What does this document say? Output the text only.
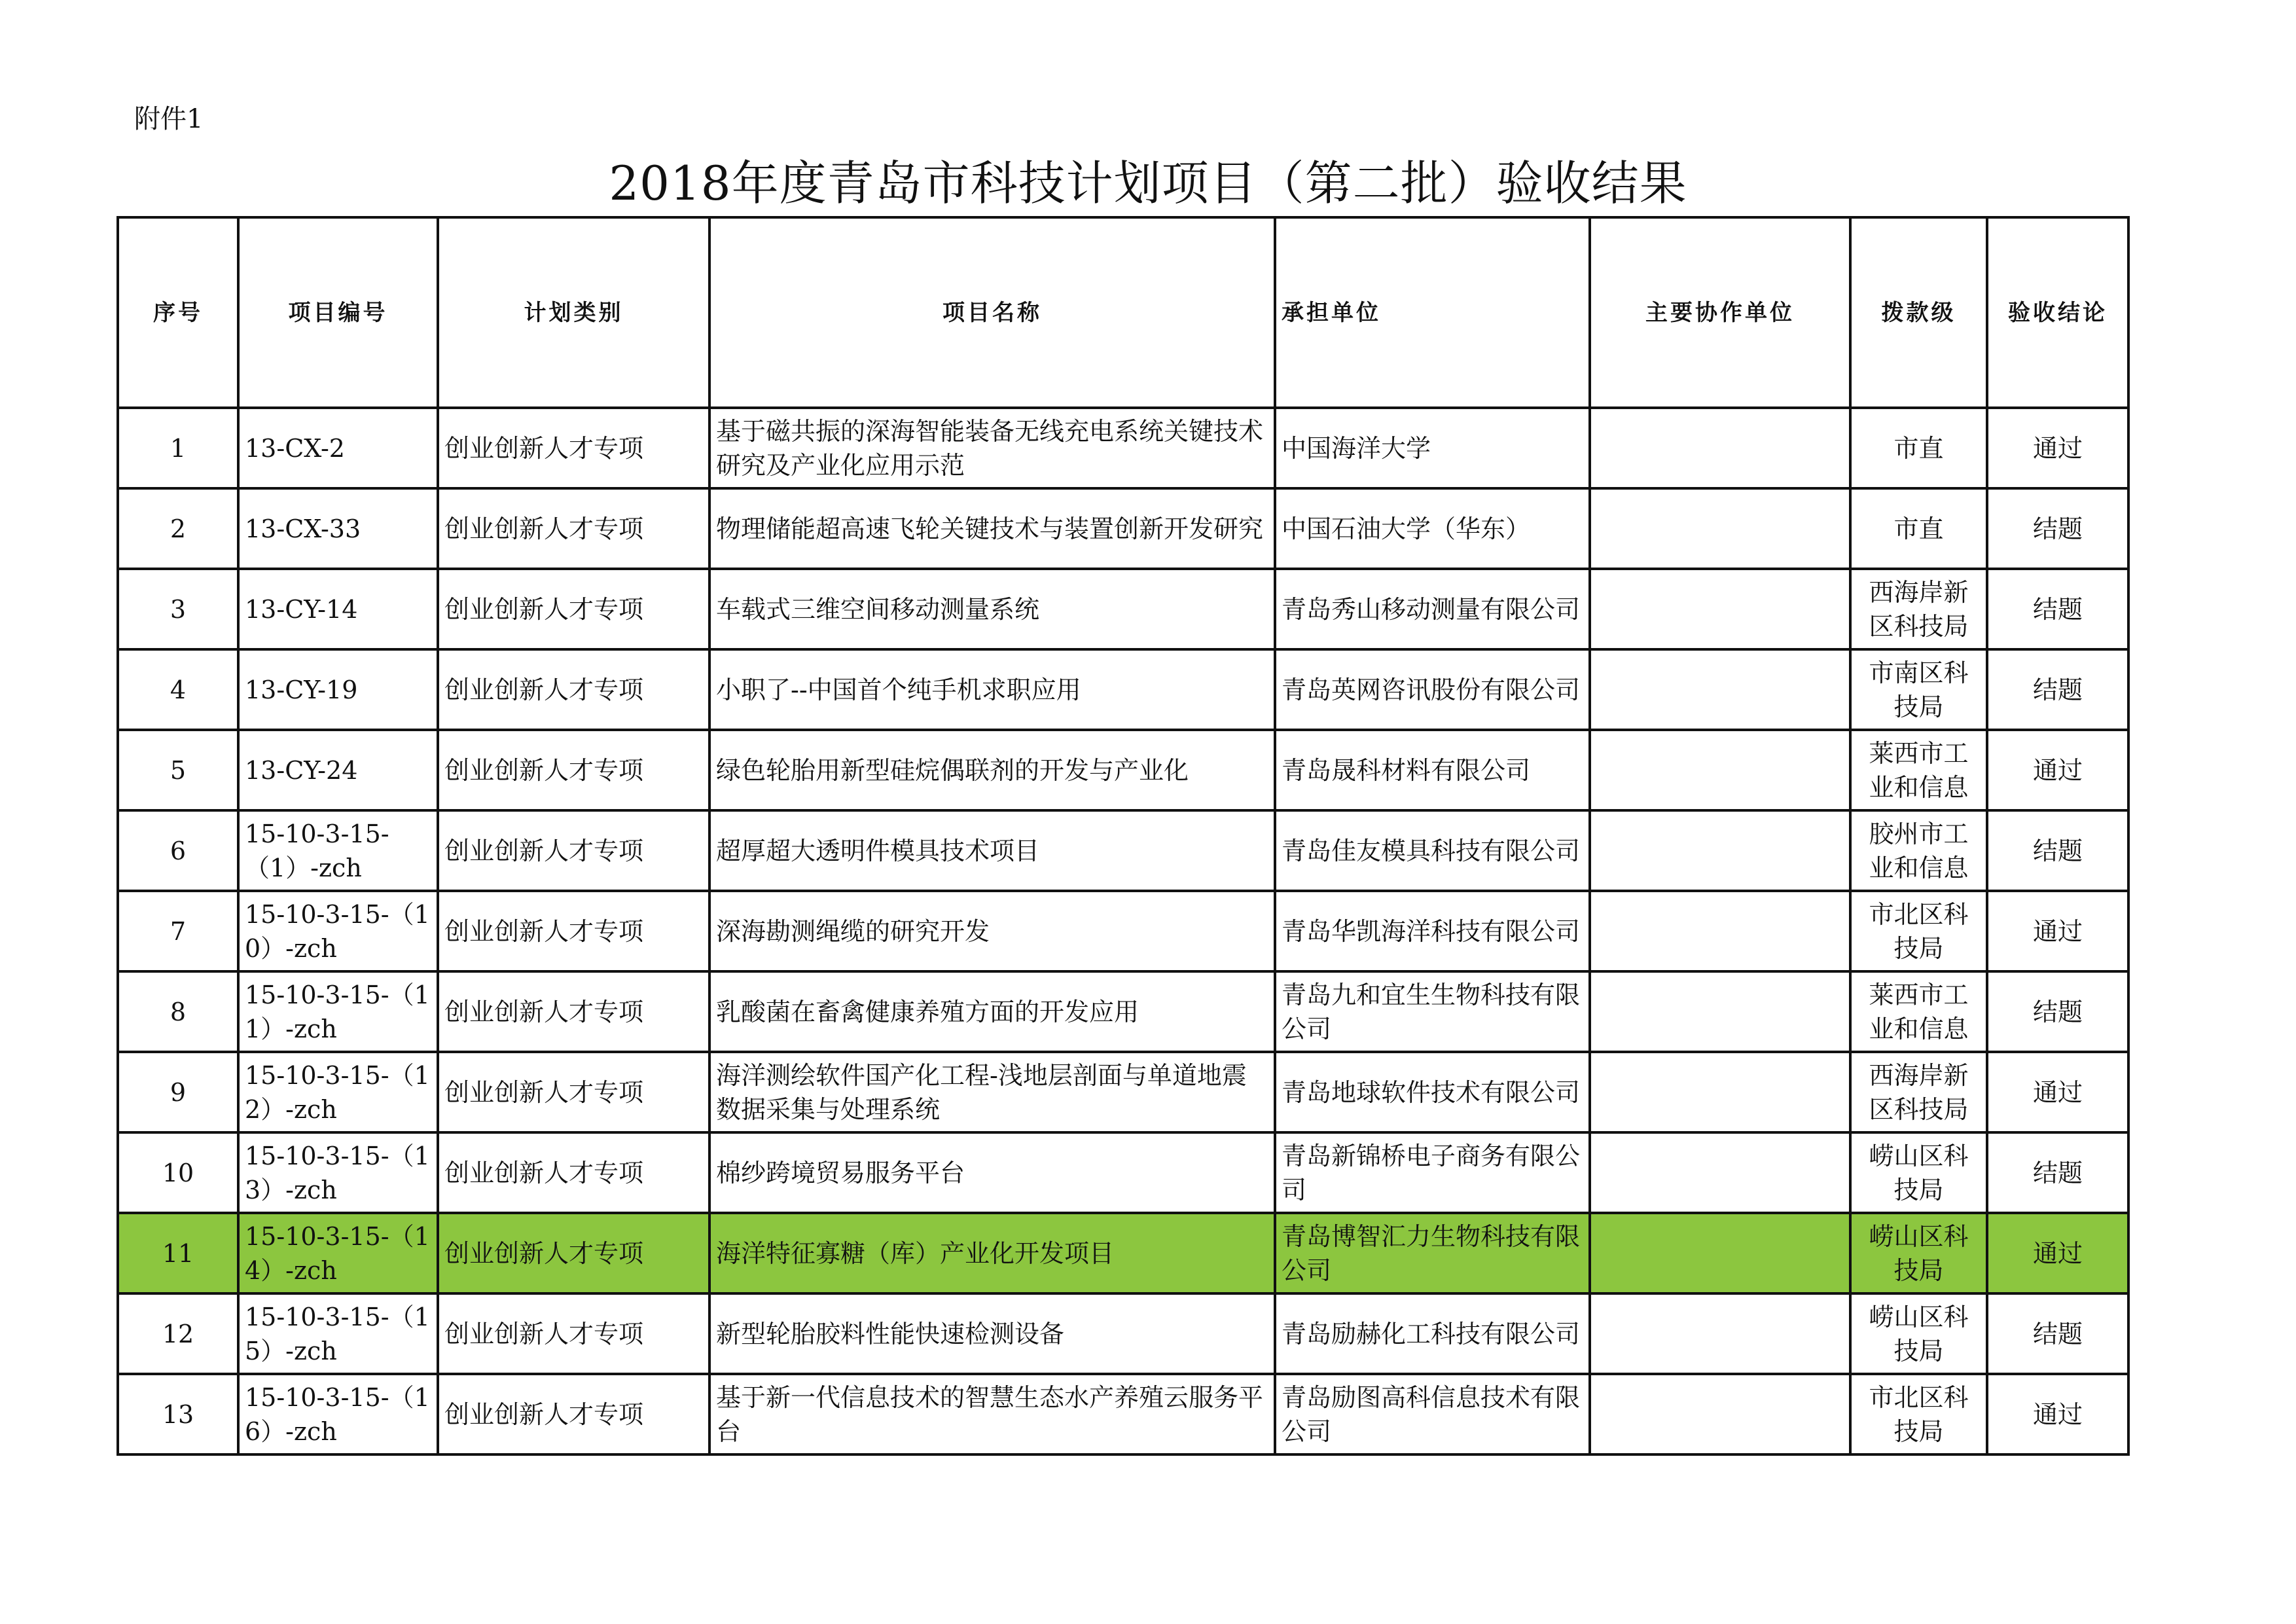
附件1
2018年度青岛市科技计划项目（第二批）验收结果
序号	项目编号	计划类别	项目名称	承担单位	主要协作单位	拨款级	验收结论

1	13-CX-2	创业创新人才专项	基于磁共振的深海智能装备无线充电系统关键技术研究及产业化应用示范	中国海洋大学		市直	通过

2	13-CX-33	创业创新人才专项	物理储能超高速飞轮关键技术与装置创新开发研究	中国石油大学（华东）		市直	结题

3	13-CY-14	创业创新人才专项	车载式三维空间移动测量系统	青岛秀山移动测量有限公司		西海岸新区科技局	结题

4	13-CY-19	创业创新人才专项	小职了--中国首个纯手机求职应用	青岛英网咨讯股份有限公司		市南区科技局	结题

5	13-CY-24	创业创新人才专项	绿色轮胎用新型硅烷偶联剂的开发与产业化	青岛晟科材料有限公司		莱西市工业和信息	通过

6	15-10-3-15-（1）-zch	创业创新人才专项	超厚超大透明件模具技术项目	青岛佳友模具科技有限公司		胶州市工业和信息	结题

7	15-10-3-15-（10）-zch	创业创新人才专项	深海勘测绳缆的研究开发	青岛华凯海洋科技有限公司		市北区科技局	通过

8	15-10-3-15-（11）-zch	创业创新人才专项	乳酸菌在畜禽健康养殖方面的开发应用	青岛九和宜生生物科技有限公司		莱西市工业和信息	结题

9	15-10-3-15-（12）-zch	创业创新人才专项	海洋测绘软件国产化工程-浅地层剖面与单道地震数据采集与处理系统	青岛地球软件技术有限公司		西海岸新区科技局	通过

10	15-10-3-15-（13）-zch	创业创新人才专项	棉纱跨境贸易服务平台	青岛新锦桥电子商务有限公司		崂山区科技局	结题

11	15-10-3-15-（14）-zch	创业创新人才专项	海洋特征寡糖（库）产业化开发项目	青岛博智汇力生物科技有限公司		崂山区科技局	通过

12	15-10-3-15-（15）-zch	创业创新人才专项	新型轮胎胶料性能快速检测设备	青岛励赫化工科技有限公司		崂山区科技局	结题

13	15-10-3-15-（16）-zch	创业创新人才专项	基于新一代信息技术的智慧生态水产养殖云服务平台	青岛励图高科信息技术有限公司		市北区科技局	通过
